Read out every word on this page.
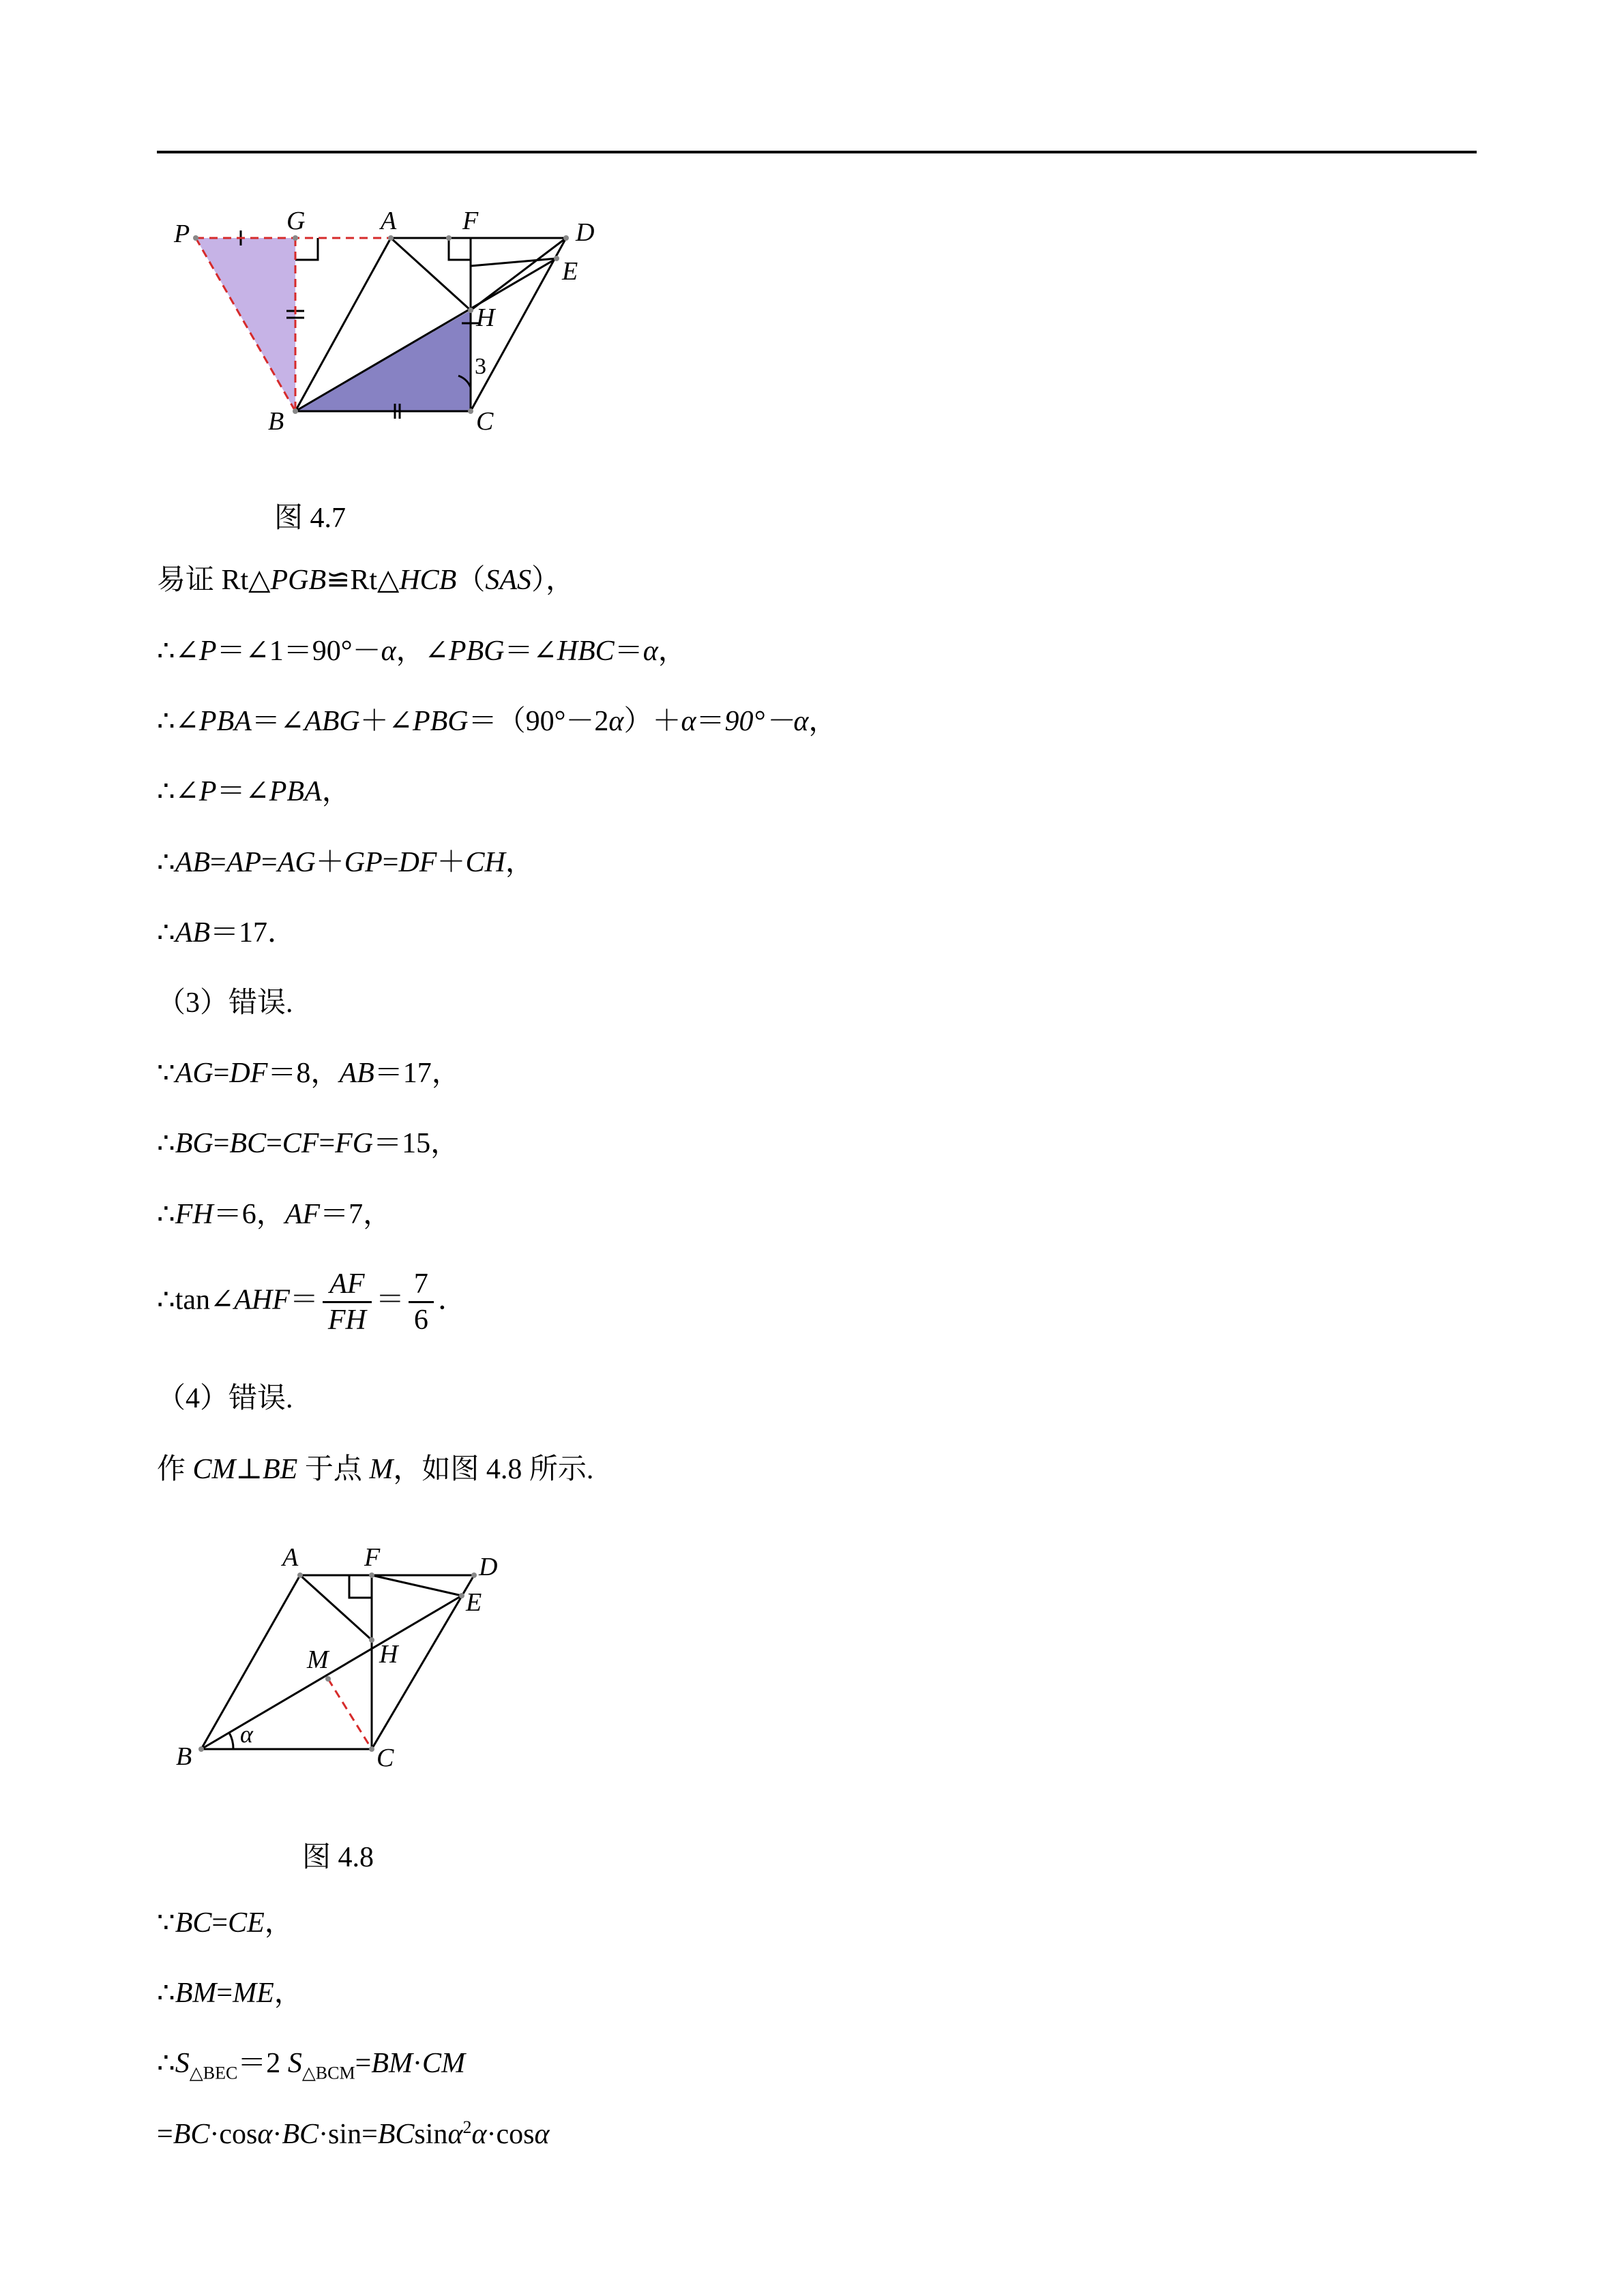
P	G	A	F	D
E
H
B	C
3
图 4.7
易证 Rt△PGB≌Rt△HCB（SAS），
∴∠P＝∠1＝90°－α，∠PBG＝∠HBC＝α，
∴∠PBA＝∠ABG＋∠PBG＝（90°－2α）＋α＝90°－α，
∴∠P＝∠PBA，
∴AB=AP=AG＋GP=DF＋CH，
∴AB＝17．
（3）错误.
∵AG=DF＝8，AB＝17，
∴BG=BC=CF=FG＝15，
∴FH＝6，AF＝7，
∴tan∠AHF＝ $\frac{AF}{FH} = \frac{7}{6}$ ．
（4）错误.
作 CM⊥BE 于点 M，如图 4.8 所示.
A	F	D
E
M H
B	C
α
图 4.8
∵BC=CE，
∴BM=ME，
$\therefore S_{\triangle BEC}=2$ $S_{\triangle BCM}=BM\cdot CM$
=BC·cosα·BC·sin=BCsinα$^2$α·cosα
